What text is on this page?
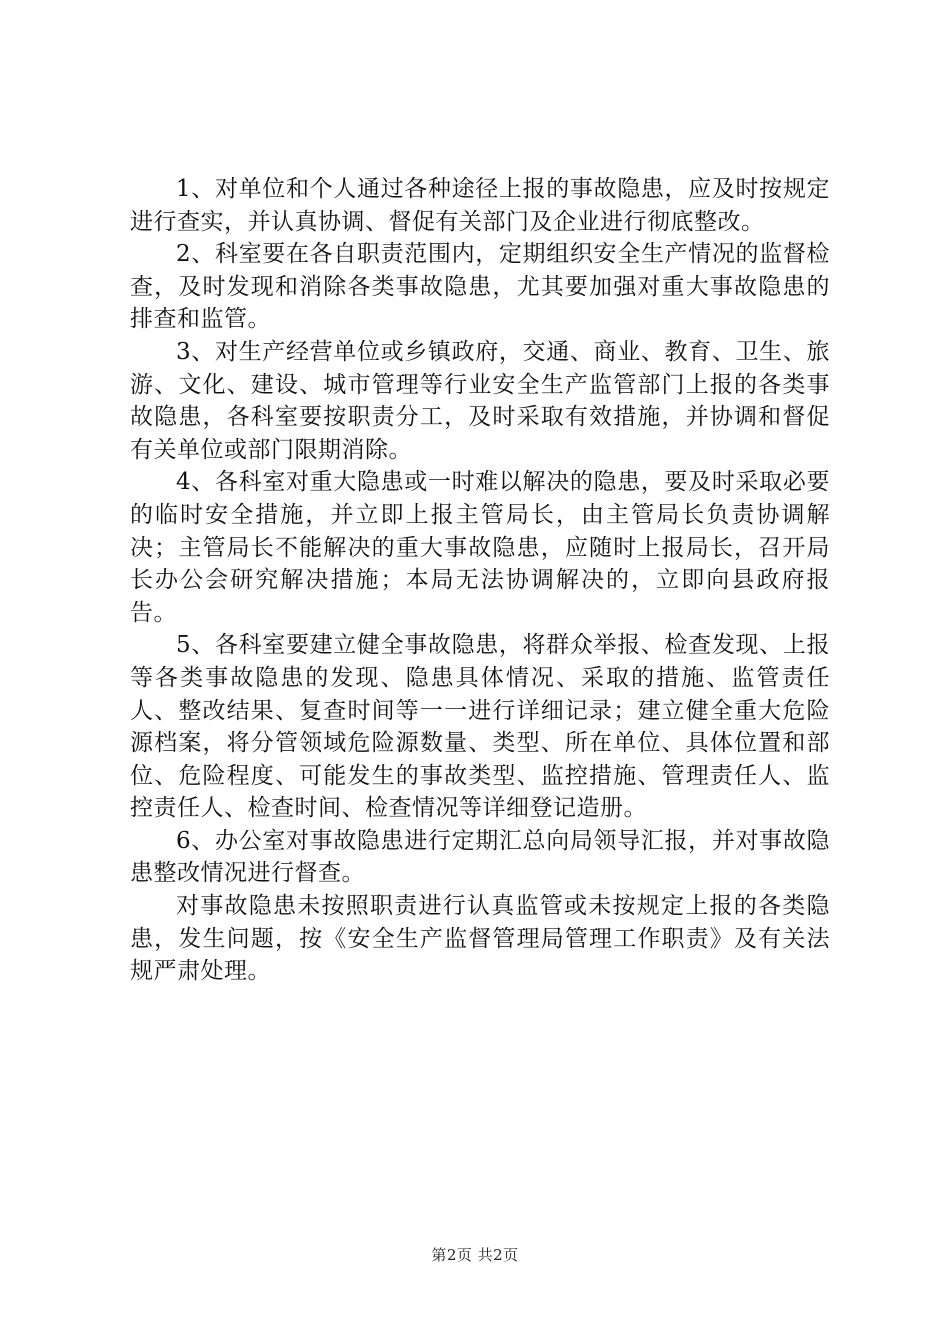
1、对单位和个人通过各种途径上报的事故隐患，应及时按规定进行查实，并认真协调、督促有关部门及企业进行彻底整改。

2、科室要在各自职责范围内，定期组织安全生产情况的监督检查，及时发现和消除各类事故隐患，尤其要加强对重大事故隐患的排查和监管。

3、对生产经营单位或乡镇政府，交通、商业、教育、卫生、旅游、文化、建设、城市管理等行业安全生产监管部门上报的各类事故隐患，各科室要按职责分工，及时采取有效措施，并协调和督促有关单位或部门限期消除。

4、各科室对重大隐患或一时难以解决的隐患，要及时采取必要的临时安全措施，并立即上报主管局长，由主管局长负责协调解决；主管局长不能解决的重大事故隐患，应随时上报局长，召开局长办公会研究解决措施；本局无法协调解决的，立即向县政府报告。

5、各科室要建立健全事故隐患，将群众举报、检查发现、上报等各类事故隐患的发现、隐患具体情况、采取的措施、监管责任人、整改结果、复查时间等一一进行详细记录；建立健全重大危险源档案，将分管领域危险源数量、类型、所在单位、具体位置和部位、危险程度、可能发生的事故类型、监控措施、管理责任人、监控责任人、检查时间、检查情况等详细登记造册。

6、办公室对事故隐患进行定期汇总向局领导汇报，并对事故隐患整改情况进行督查。

对事故隐患未按照职责进行认真监管或未按规定上报的各类隐患，发生问题，按《安全生产监督管理局管理工作职责》及有关法规严肃处理。

第2页 共2页
